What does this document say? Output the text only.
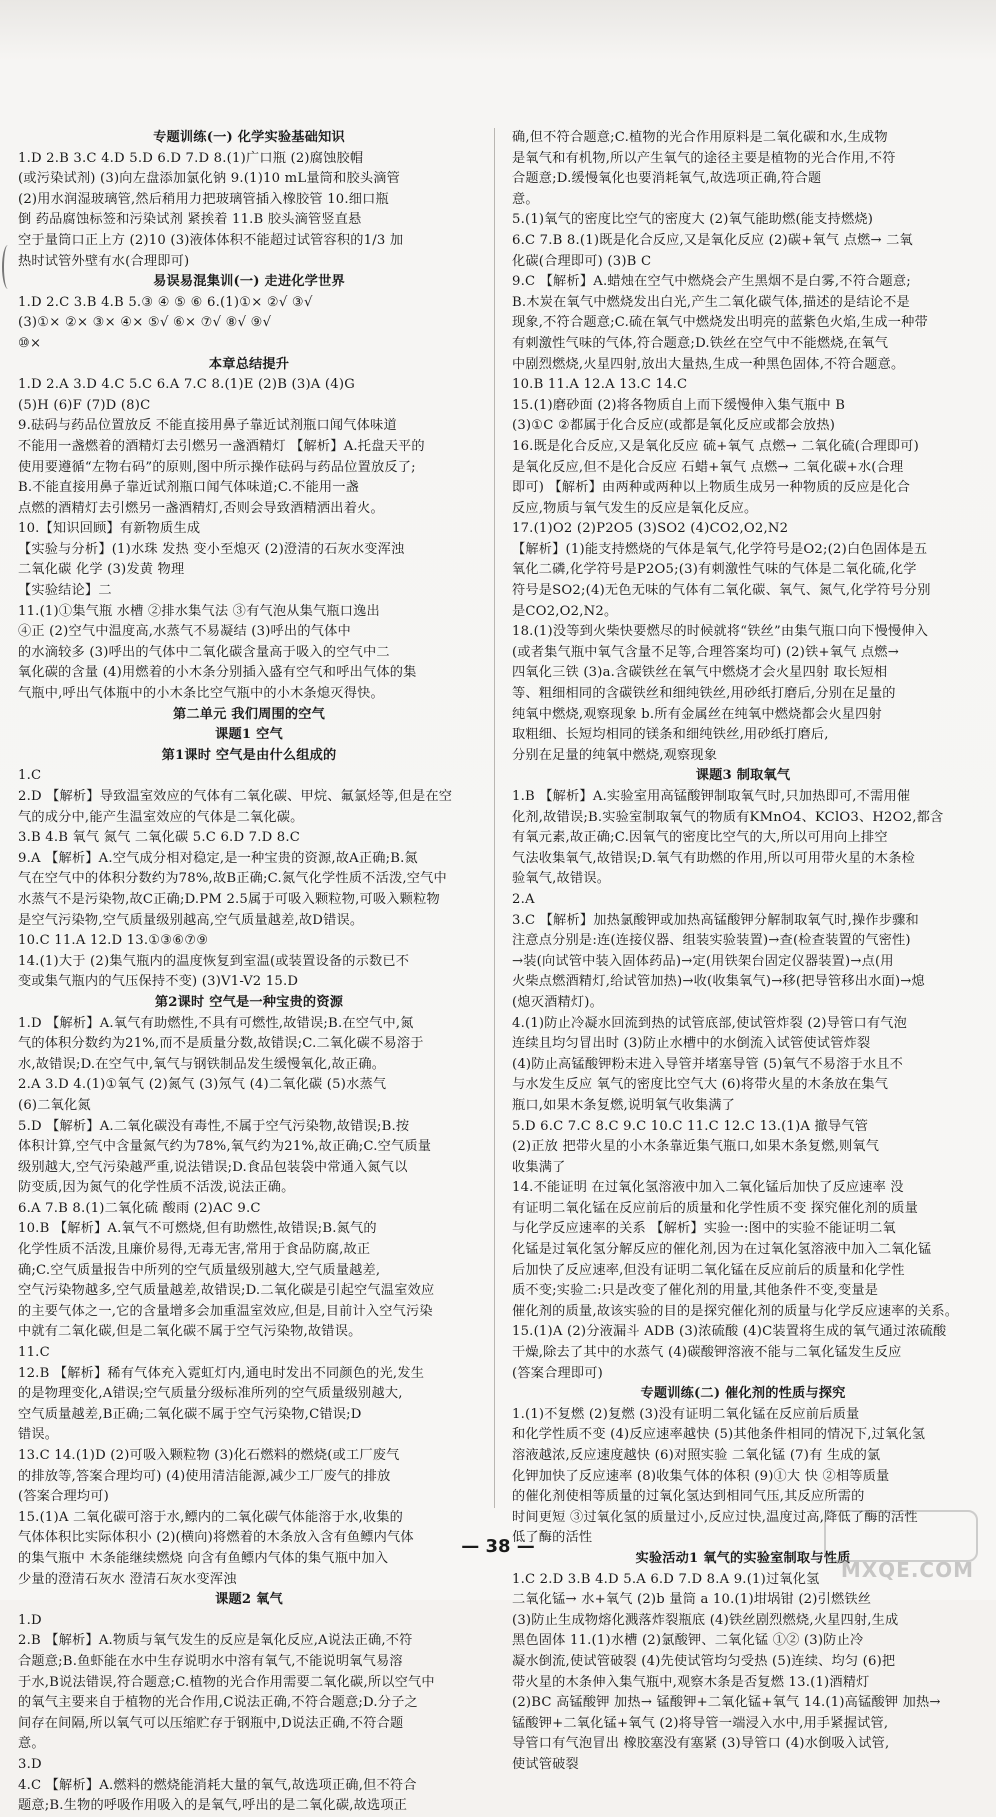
专题训练(一) 化学实验基础知识
1.D 2.B 3.C 4.D 5.D 6.D 7.D 8.(1)广口瓶 (2)腐蚀胶帽
(或污染试剂) (3)向左盘添加氯化钠 9.(1)10 mL量筒和胶头滴管
(2)用水润湿玻璃管,然后稍用力把玻璃管插入橡胶管 10.细口瓶
倒 药品腐蚀标签和污染试剂 紧挨着 11.B 胶头滴管竖直悬
空于量筒口正上方 (2)10 (3)液体体积不能超过试管容积的1/3 加
热时试管外壁有水(合理即可)
易误易混集训(一) 走进化学世界
1.D 2.C 3.B 4.B 5.③ ④ ⑤ ⑥ 6.(1)①× ②√ ③√
(3)①× ②× ③× ④× ⑤√ ⑥× ⑦√ ⑧√ ⑨√
⑩×
本章总结提升
1.D 2.A 3.D 4.C 5.C 6.A 7.C 8.(1)E (2)B (3)A (4)G
(5)H (6)F (7)D (8)C
9.砝码与药品位置放反 不能直接用鼻子靠近试剂瓶口闻气体味道
不能用一盏燃着的酒精灯去引燃另一盏酒精灯 【解析】A.托盘天平的
使用要遵循“左物右码”的原则,图中所示操作砝码与药品位置放反了;
B.不能直接用鼻子靠近试剂瓶口闻气体味道;C.不能用一盏
点燃的酒精灯去引燃另一盏酒精灯,否则会导致酒精洒出着火。
10.【知识回顾】有新物质生成
【实验与分析】(1)水珠 发热 变小至熄灭 (2)澄清的石灰水变浑浊
二氧化碳 化学 (3)发黄 物理
【实验结论】二
11.(1)①集气瓶 水槽 ②排水集气法 ③有气泡从集气瓶口逸出
④正 (2)空气中温度高,水蒸气不易凝结 (3)呼出的气体中
的水滴较多 (3)呼出的气体中二氧化碳含量高于吸入的空气中二
氧化碳的含量 (4)用燃着的小木条分别插入盛有空气和呼出气体的集
气瓶中,呼出气体瓶中的小木条比空气瓶中的小木条熄灭得快。
第二单元 我们周围的空气
课题1 空气
第1课时 空气是由什么组成的
1.C
2.D 【解析】导致温室效应的气体有二氧化碳、甲烷、氟氯烃等,但是在空
气的成分中,能产生温室效应的气体是二氧化碳。
3.B 4.B 氧气 氮气 二氧化碳 5.C 6.D 7.D 8.C
9.A 【解析】A.空气成分相对稳定,是一种宝贵的资源,故A正确;B.氮
气在空气中的体积分数约为78%,故B正确;C.氮气化学性质不活泼,空气中
水蒸气不是污染物,故C正确;D.PM 2.5属于可吸入颗粒物,可吸入颗粒物
是空气污染物,空气质量级别越高,空气质量越差,故D错误。
10.C 11.A 12.D 13.①③⑥⑦⑨
14.(1)大于 (2)集气瓶内的温度恢复到室温(或装置设备的示数已不
变或集气瓶内的气压保持不变) (3)V1-V2 15.D
第2课时 空气是一种宝贵的资源
1.D 【解析】A.氧气有助燃性,不具有可燃性,故错误;B.在空气中,氮
气的体积分数约为21%,而不是质量分数,故错误;C.二氧化碳不易溶于
水,故错误;D.在空气中,氧气与钢铁制品发生缓慢氧化,故正确。
2.A 3.D 4.(1)①氧气 (2)氮气 (3)氖气 (4)二氧化碳 (5)水蒸气
(6)二氧化氮
5.D 【解析】A.二氧化碳没有毒性,不属于空气污染物,故错误;B.按
体积计算,空气中含量氮气约为78%,氧气约为21%,故正确;C.空气质量
级别越大,空气污染越严重,说法错误;D.食品包装袋中常通入氮气以
防变质,因为氮气的化学性质不活泼,说法正确。
6.A 7.B 8.(1)二氧化硫 酸雨 (2)AC 9.C
10.B 【解析】A.氧气不可燃烧,但有助燃性,故错误;B.氮气的
化学性质不活泼,且廉价易得,无毒无害,常用于食品防腐,故正
确;C.空气质量报告中所列的空气质量级别越大,空气质量越差,
空气污染物越多,空气质量越差,故错误;D.二氧化碳是引起空气温室效应
的主要气体之一,它的含量增多会加重温室效应,但是,目前计入空气污染
中就有二氧化碳,但是二氧化碳不属于空气污染物,故错误。
11.C
12.B 【解析】稀有气体充入霓虹灯内,通电时发出不同颜色的光,发生
的是物理变化,A错误;空气质量分级标准所列的空气质量级别越大,
空气质量越差,B正确;二氧化碳不属于空气污染物,C错误;D
错误。
13.C 14.(1)D (2)可吸入颗粒物 (3)化石燃料的燃烧(或工厂废气
的排放等,答案合理均可) (4)使用清洁能源,减少工厂废气的排放
(答案合理均可)
15.(1)A 二氧化碳可溶于水,鳔内的二氧化碳气体能溶于水,收集的
气体体积比实际体积小 (2)(横向)将燃着的木条放入含有鱼鳔内气体
的集气瓶中 木条能继续燃烧 向含有鱼鳔内气体的集气瓶中加入
少量的澄清石灰水 澄清石灰水变浑浊
课题2 氧气
1.D
2.B 【解析】A.物质与氧气发生的反应是氧化反应,A说法正确,不符
合题意;B.鱼虾能在水中生存说明水中溶有氧气,不能说明氧气易溶
于水,B说法错误,符合题意;C.植物的光合作用需要二氧化碳,所以空气中
的氧气主要来自于植物的光合作用,C说法正确,不符合题意;D.分子之
间存在间隔,所以氧气可以压缩贮存于钢瓶中,D说法正确,不符合题
意。
3.D
4.C 【解析】A.燃料的燃烧能消耗大量的氧气,故选项正确,但不符合
题意;B.生物的呼吸作用吸入的是氧气,呼出的是二氧化碳,故选项正
确,但不符合题意;C.植物的光合作用原料是二氧化碳和水,生成物
是氧气和有机物,所以产生氧气的途径主要是植物的光合作用,不符
合题意;D.缓慢氧化也要消耗氧气,故选项正确,符合题
意。
5.(1)氧气的密度比空气的密度大 (2)氧气能助燃(能支持燃烧)
6.C 7.B 8.(1)既是化合反应,又是氧化反应 (2)碳+氧气 点燃→ 二氧
化碳(合理即可) (3)B C
9.C 【解析】A.蜡烛在空气中燃烧会产生黑烟不是白雾,不符合题意;
B.木炭在氧气中燃烧发出白光,产生二氧化碳气体,描述的是结论不是
现象,不符合题意;C.硫在氧气中燃烧发出明亮的蓝紫色火焰,生成一种带
有刺激性气味的气体,符合题意;D.铁丝在空气中不能燃烧,在氧气
中剧烈燃烧,火星四射,放出大量热,生成一种黑色固体,不符合题意。
10.B 11.A 12.A 13.C 14.C
15.(1)磨砂面 (2)将各物质自上而下缓慢伸入集气瓶中 B
(3)①C ②都属于化合反应(或都是氧化反应或都会放热)
16.既是化合反应,又是氧化反应 硫+氧气 点燃→ 二氧化硫(合理即可)
是氧化反应,但不是化合反应 石蜡+氧气 点燃→ 二氧化碳+水(合理
即可) 【解析】由两种或两种以上物质生成另一种物质的反应是化合
反应,物质与氧气发生的反应是氧化反应。
17.(1)O2 (2)P2O5 (3)SO2 (4)CO2,O2,N2
【解析】(1)能支持燃烧的气体是氧气,化学符号是O2;(2)白色固体是五
氧化二磷,化学符号是P2O5;(3)有刺激性气味的气体是二氧化硫,化学
符号是SO2;(4)无色无味的气体有二氧化碳、氧气、氮气,化学符号分别
是CO2,O2,N2。
18.(1)没等到火柴快要燃尽的时候就将“铁丝”由集气瓶口向下慢慢伸入
(或者集气瓶中氧气含量不足等,合理答案均可) (2)铁+氧气 点燃→
四氧化三铁 (3)a.含碳铁丝在氧气中燃烧才会火星四射 取长短相
等、粗细相同的含碳铁丝和细纯铁丝,用砂纸打磨后,分别在足量的
纯氧中燃烧,观察现象 b.所有金属丝在纯氧中燃烧都会火星四射
取粗细、长短均相同的镁条和细纯铁丝,用砂纸打磨后,
分别在足量的纯氧中燃烧,观察现象
课题3 制取氧气
1.B 【解析】A.实验室用高锰酸钾制取氧气时,只加热即可,不需用催
化剂,故错误;B.实验室制取氧气的物质有KMnO4、KClO3、H2O2,都含
有氧元素,故正确;C.因氧气的密度比空气的大,所以可用向上排空
气法收集氧气,故错误;D.氧气有助燃的作用,所以可用带火星的木条检
验氧气,故错误。
2.A
3.C 【解析】加热氯酸钾或加热高锰酸钾分解制取氧气时,操作步骤和
注意点分别是:连(连接仪器、组装实验装置)→查(检查装置的气密性)
→装(向试管中装入固体药品)→定(用铁架台固定仪器装置)→点(用
火柴点燃酒精灯,给试管加热)→收(收集氧气)→移(把导管移出水面)→熄
(熄灭酒精灯)。
4.(1)防止冷凝水回流到热的试管底部,使试管炸裂 (2)导管口有气泡
连续且均匀冒出时 (3)防止水槽中的水倒流入试管使试管炸裂
(4)防止高锰酸钾粉末进入导管并堵塞导管 (5)氧气不易溶于水且不
与水发生反应 氧气的密度比空气大 (6)将带火星的木条放在集气
瓶口,如果木条复燃,说明氧气收集满了
5.D 6.C 7.C 8.C 9.C 10.C 11.C 12.C 13.(1)A 撤导气管
(2)正放 把带火星的小木条靠近集气瓶口,如果木条复燃,则氧气
收集满了
14.不能证明 在过氧化氢溶液中加入二氧化锰后加快了反应速率 没
有证明二氧化锰在反应前后的质量和化学性质不变 探究催化剂的质量
与化学反应速率的关系 【解析】实验一:图中的实验不能证明二氧
化锰是过氧化氢分解反应的催化剂,因为在过氧化氢溶液中加入二氧化锰
后加快了反应速率,但没有证明二氧化锰在反应前后的质量和化学性
质不变;实验二:只是改变了催化剂的用量,其他条件不变,变量是
催化剂的质量,故该实验的目的是探究催化剂的质量与化学反应速率的关系。
15.(1)A (2)分液漏斗 ADB (3)浓硫酸 (4)C装置将生成的氧气通过浓硫酸
干燥,除去了其中的水蒸气 (4)碳酸钾溶液不能与二氧化锰发生反应
(答案合理即可)
专题训练(二) 催化剂的性质与探究
1.(1)不复燃 (2)复燃 (3)没有证明二氧化锰在反应前后质量
和化学性质不变 (4)反应速率越快 (5)其他条件相同的情况下,过氧化氢
溶液越浓,反应速度越快 (6)对照实验 二氧化锰 (7)有 生成的氯
化钾加快了反应速率 (8)收集气体的体积 (9)①大 快 ②相等质量
的催化剂使相等质量的过氧化氢达到相同气压,其反应所需的
时间更短 ③过氧化氢的质量过小,反应过快,温度过高,降低了酶的活性
低了酶的活性
实验活动1 氧气的实验室制取与性质
1.C 2.D 3.B 4.D 5.A 6.D 7.D 8.A 9.(1)过氧化氢
二氧化锰→ 水+氧气 (2)b 量筒 a 10.(1)坩埚钳 (2)引燃铁丝
(3)防止生成物熔化溅落炸裂瓶底 (4)铁丝剧烈燃烧,火星四射,生成
黑色固体 11.(1)水槽 (2)氯酸钾、二氧化锰 ①② (3)防止冷
凝水倒流,使试管破裂 (4)先使试管均匀受热 (5)连续、均匀 (6)把
带火星的木条伸入集气瓶中,观察木条是否复燃 13.(1)酒精灯
(2)BC 高锰酸钾 加热→ 锰酸钾+二氧化锰+氧气 14.(1)高锰酸钾 加热→
锰酸钾+二氧化锰+氧气 (2)将导管一端浸入水中,用手紧握试管,
导管口有气泡冒出 橡胶塞没有塞紧 (3)导管口 (4)水倒吸入试管,
使试管破裂
— 38 —
MXQE.COM
